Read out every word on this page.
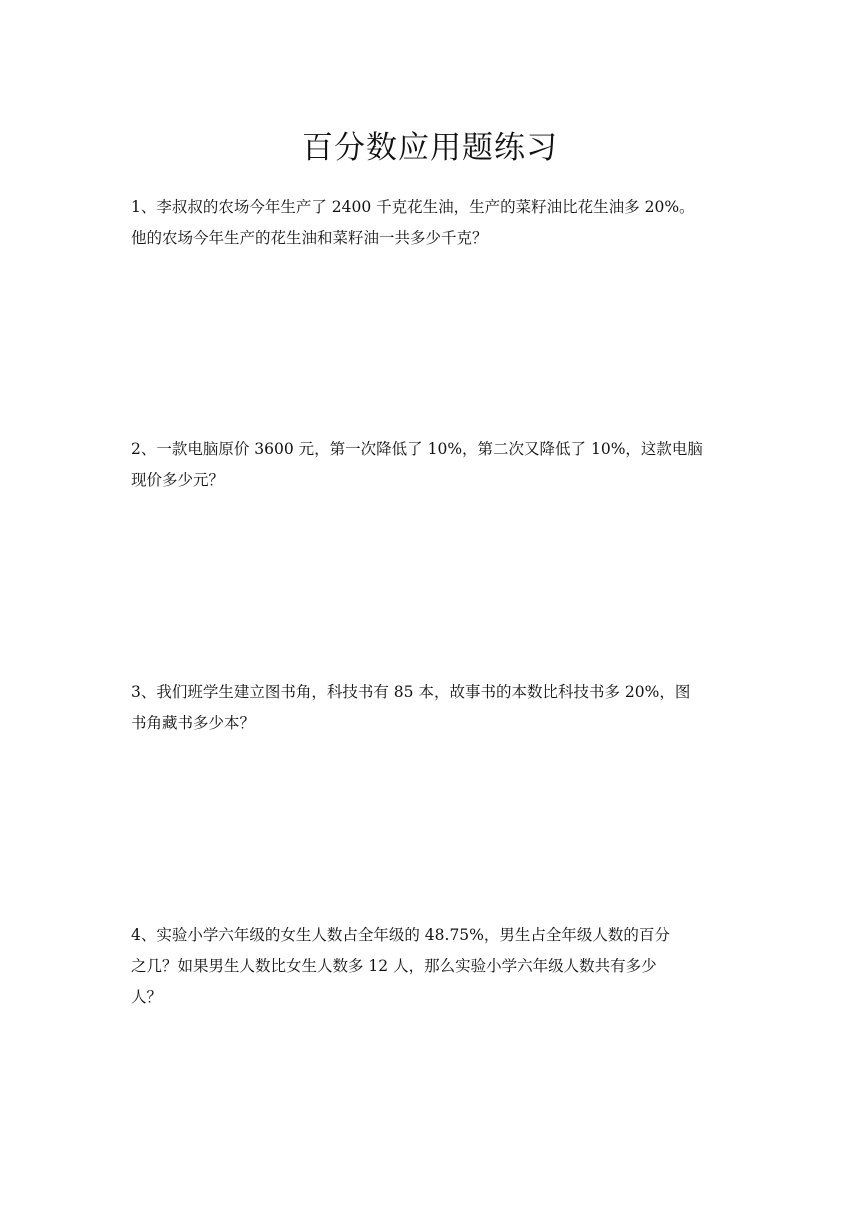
百分数应用题练习
1、李叔叔的农场今年生产了 2400 千克花生油，生产的菜籽油比花生油多 20%。
他的农场今年生产的花生油和菜籽油一共多少千克？
2、一款电脑原价 3600 元，第一次降低了 10%，第二次又降低了 10%，这款电脑
现价多少元？
3、我们班学生建立图书角，科技书有 85 本，故事书的本数比科技书多 20%，图
书角藏书多少本？
4、实验小学六年级的女生人数占全年级的 48.75%，男生占全年级人数的百分
之几？如果男生人数比女生人数多 12 人，那么实验小学六年级人数共有多少
人？
